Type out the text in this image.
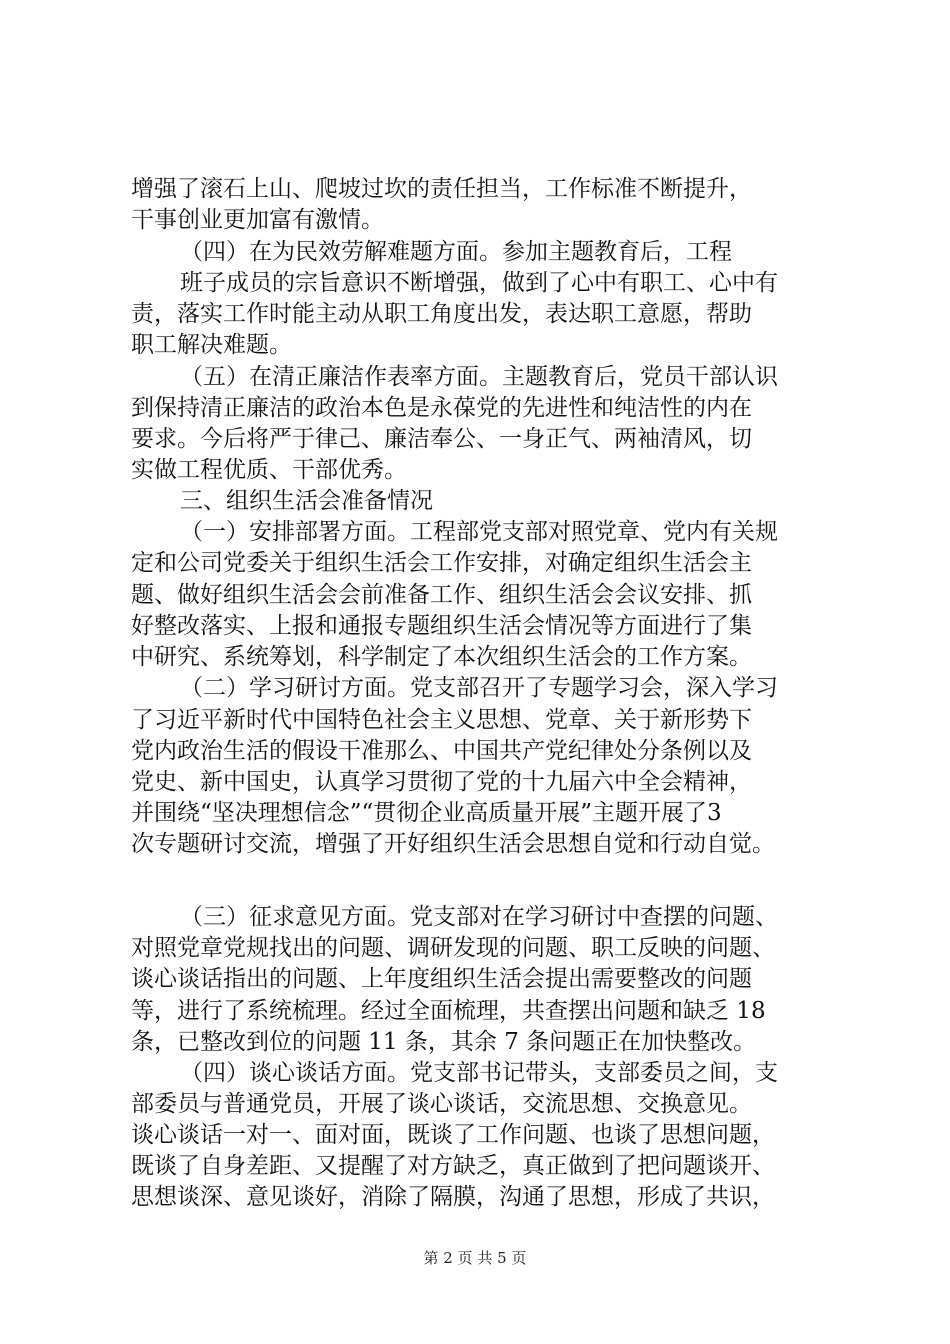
增强了滚石上山、爬坡过坎的责任担当，工作标准不断提升，
干事创业更加富有激情。
（四）在为民效劳解难题方面。参加主题教育后，工程
班子成员的宗旨意识不断增强，做到了心中有职工、心中有
责，落实工作时能主动从职工角度出发，表达职工意愿，帮助
职工解决难题。
（五）在清正廉洁作表率方面。主题教育后，党员干部认识
到保持清正廉洁的政治本色是永葆党的先进性和纯洁性的内在
要求。今后将严于律己、廉洁奉公、一身正气、两袖清风，切
实做工程优质、干部优秀。
三、组织生活会准备情况
（一）安排部署方面。工程部党支部对照党章、党内有关规
定和公司党委关于组织生活会工作安排，对确定组织生活会主
题、做好组织生活会会前准备工作、组织生活会会议安排、抓
好整改落实、上报和通报专题组织生活会情况等方面进行了集
中研究、系统筹划，科学制定了本次组织生活会的工作方案。
（二）学习研讨方面。党支部召开了专题学习会，深入学习
了习近平新时代中国特色社会主义思想、党章、关于新形势下
党内政治生活的假设干准那么、中国共产党纪律处分条例以及
党史、新中国史，认真学习贯彻了党的十九届六中全会精神，
并围绕“坚决理想信念”“贯彻企业高质量开展”主题开展了3
次专题研讨交流，增强了开好组织生活会思想自觉和行动自觉。
（三）征求意见方面。党支部对在学习研讨中查摆的问题、
对照党章党规找出的问题、调研发现的问题、职工反映的问题、
谈心谈话指出的问题、上年度组织生活会提出需要整改的问题
等，进行了系统梳理。经过全面梳理，共查摆出问题和缺乏 18
条，已整改到位的问题 11 条，其余 7 条问题正在加快整改。
（四）谈心谈话方面。党支部书记带头，支部委员之间，支
部委员与普通党员，开展了谈心谈话，交流思想、交换意见。
谈心谈话一对一、面对面，既谈了工作问题、也谈了思想问题，
既谈了自身差距、又提醒了对方缺乏，真正做到了把问题谈开、
思想谈深、意见谈好，消除了隔膜，沟通了思想，形成了共识，
第 2 页 共 5 页
